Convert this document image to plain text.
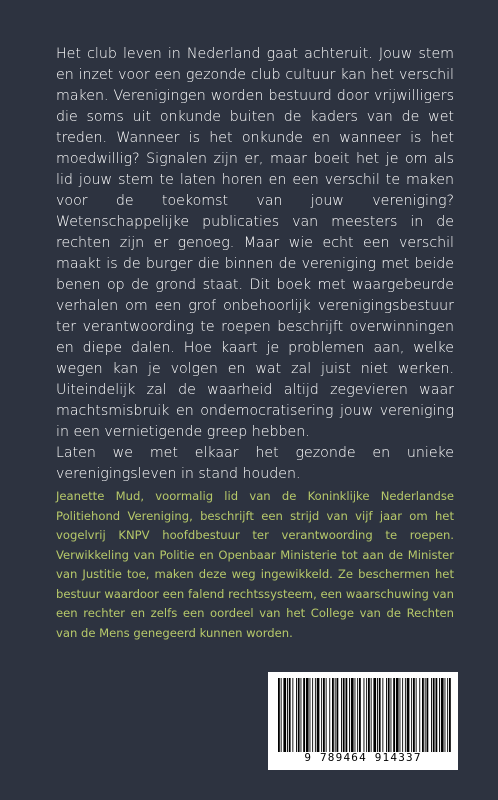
Het club leven in Nederland gaat achteruit. Jouw stem en inzet voor een gezonde club cultuur kan het verschil maken. Verenigingen worden bestuurd door vrijwilligers die soms uit onkunde buiten de kaders van de wet treden. Wanneer is het onkunde en wanneer is het moedwillig? Signalen zijn er, maar boeit het je om als lid jouw stem te laten horen en een verschil te maken voor de toekomst van jouw vereniging? Wetenschappelijke publicaties van meesters in de rechten zijn er genoeg. Maar wie echt een verschil maakt is de burger die binnen de vereniging met beide benen op de grond staat. Dit boek met waargebeurde verhalen om een grof onbehoorlijk verenigingsbestuur ter verantwoording te roepen beschrijft overwinningen en diepe dalen. Hoe kaart je problemen aan, welke wegen kan je volgen en wat zal juist niet werken. Uiteindelijk zal de waarheid altijd zegevieren waar machtsmisbruik en ondemocratisering jouw vereniging in een vernietigende greep hebben.

Laten we met elkaar het gezonde en unieke verenigingsleven in stand houden.

Jeanette Mud, voormalig lid van de Koninklijke Nederlandse Politiehond Vereniging, beschrijft een strijd van vijf jaar om het vogelvrij KNPV hoofdbestuur ter verantwoording te roepen. Verwikkeling van Politie en Openbaar Ministerie tot aan de Minister van Justitie toe, maken deze weg ingewikkeld. Ze beschermen het bestuur waardoor een falend rechtssysteem, een waarschuwing van een rechter en zelfs een oordeel van het College van de Rechten van de Mens genegeerd kunnen worden.

9 789464 914337
